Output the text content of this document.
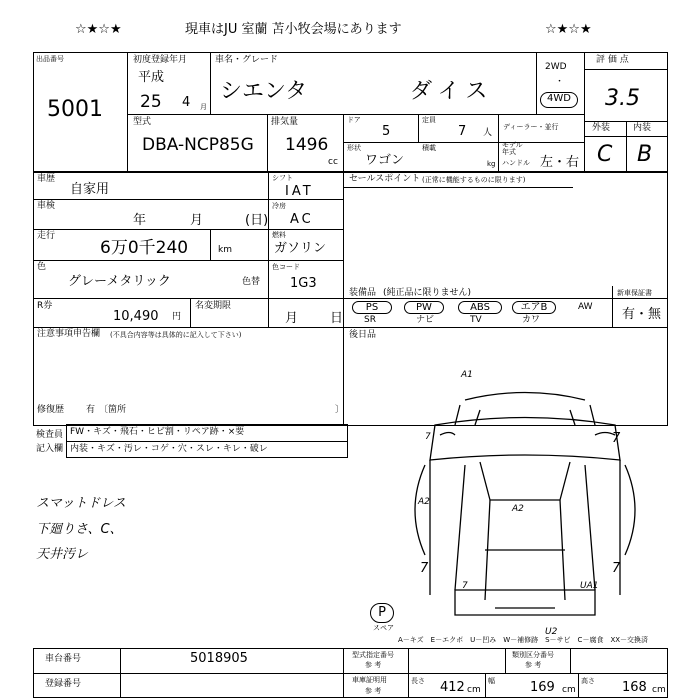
☆★☆★	現車はJU 室蘭 苫小牧会場にあります	☆★☆★
出品番号
5001
初度登録年月
平成
25 4 月
車名・グレード
シエンタ	ダイス
2WD
・
4WD
評 価 点
3.5
外装	内装
C B
型式
DBA-NCP85G
排気量
1496
cc
ドア
5
定員
7 人
ディーラー・並行
形状
ワゴン
積載
kg
モデル
年式
ハンドル 左・右
車歴
自家用
車検
年	月	(日)
走行
6万0千240	km
色
グレーメタリック	色替
シフト
IAT
冷房
AC
燃料
ガソリン
色コード
1G3
セールスポイント (正常に機能するものに限ります)
R券
10,490 円
名変期限
月 日
装備品 (純正品に限りません)	新車保証書
有・無
PS
SR
PW
ナビ
ABS
TV
エアB
カワ
AW
後日品
注意事項申告欄 (不具合内容等は具体的に記入して下さい)
修復歴 有 〔箇所	〕
検査員
記入欄
FW・キズ・飛石・ヒビ割・リペア跡・×要
内装・キズ・汚レ・コゲ・穴・スレ・キレ・破レ
スマットドレス
下廻りさ、C、
天井汚レ
A1
A2
A2
7	7
7
7
UA1
U2
7
P
スペア
A－キズ　E－エクボ　U－凹み　W－補修跡　S－サビ　C－腐食　XX－交換済
車台番号	5018905
登録番号
型式指定番号
参 考
類別区分番号
参 考
車庫証明用
参 考
長さ 412 cm
幅	169 cm
高さ 168 cm
